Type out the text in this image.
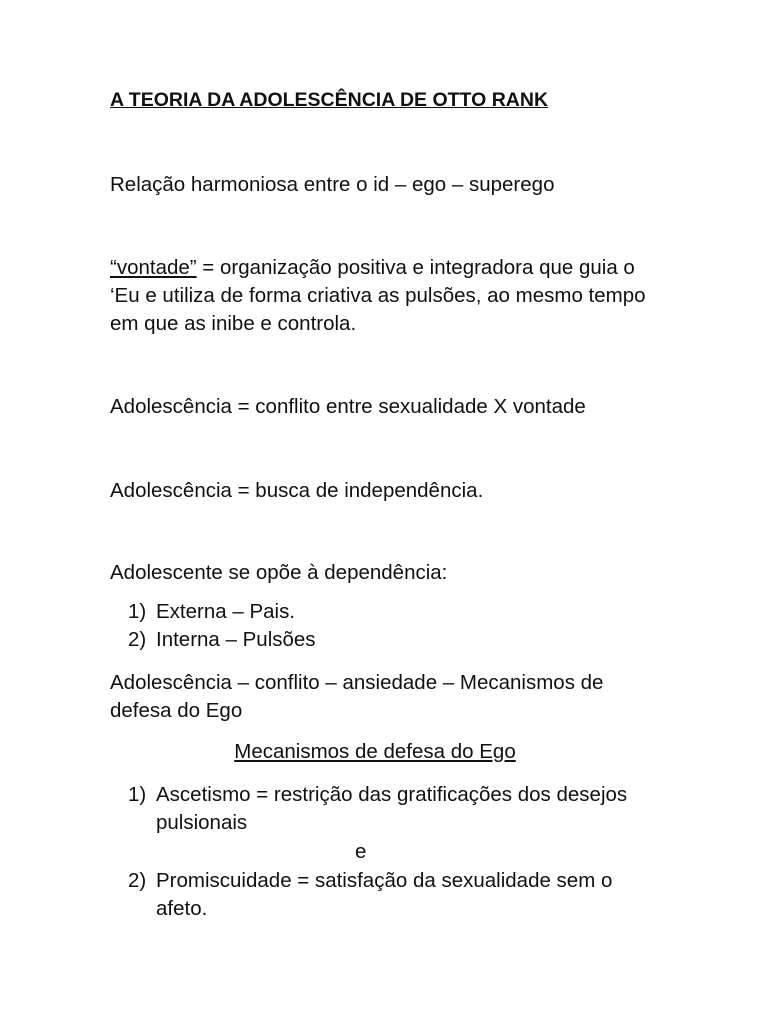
A TEORIA DA ADOLESCÊNCIA DE OTTO RANK
Relação harmoniosa entre o id – ego – superego
“vontade” = organização positiva e integradora que guia o ‘Eu e utiliza de forma criativa as pulsões, ao mesmo tempo em que as inibe e controla.
Adolescência = conflito entre sexualidade X vontade
Adolescência = busca de independência.
Adolescente se opõe à dependência:
1) Externa – Pais.
2) Interna – Pulsões
Adolescência – conflito – ansiedade – Mecanismos de defesa do Ego
Mecanismos de defesa do Ego
1) Ascetismo = restrição das gratificações dos desejos pulsionais
e
2) Promiscuidade = satisfação da sexualidade sem o afeto.
